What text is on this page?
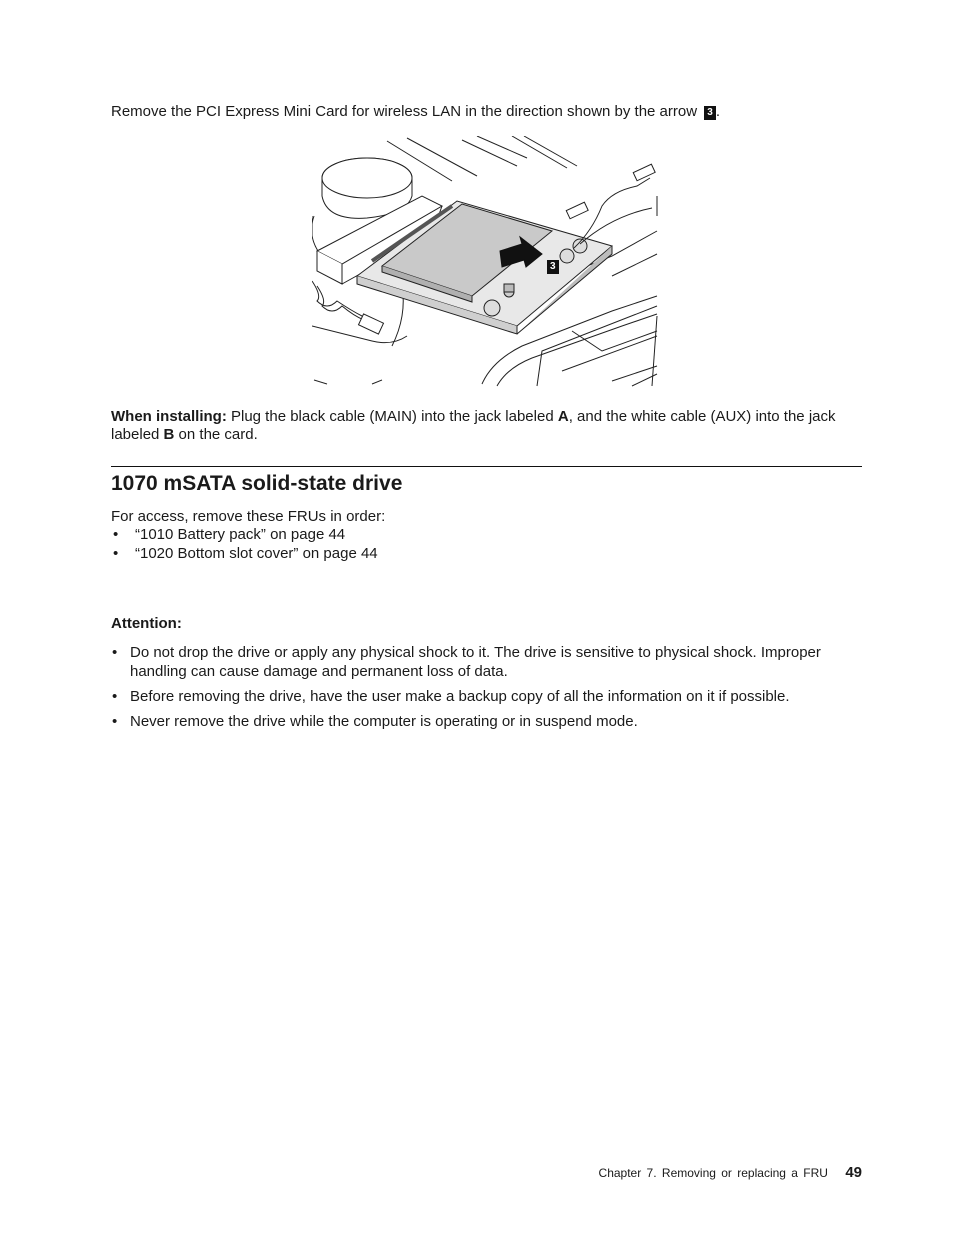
Remove the PCI Express Mini Card for wireless LAN in the direction shown by the arrow 3 .

3

When installing: Plug the black cable (MAIN) into the jack labeled A, and the white cable (AUX) into the jack labeled B on the card.

1070 mSATA solid-state drive

For access, remove these FRUs in order:

• “1010 Battery pack” on page 44
• “1020 Bottom slot cover” on page 44

Attention:

• Do not drop the drive or apply any physical shock to it. The drive is sensitive to physical shock. Improper handling can cause damage and permanent loss of data.
• Before removing the drive, have the user make a backup copy of all the information on it if possible.
• Never remove the drive while the computer is operating or in suspend mode.
Chapter 7. Removing or replacing a FRU 49
